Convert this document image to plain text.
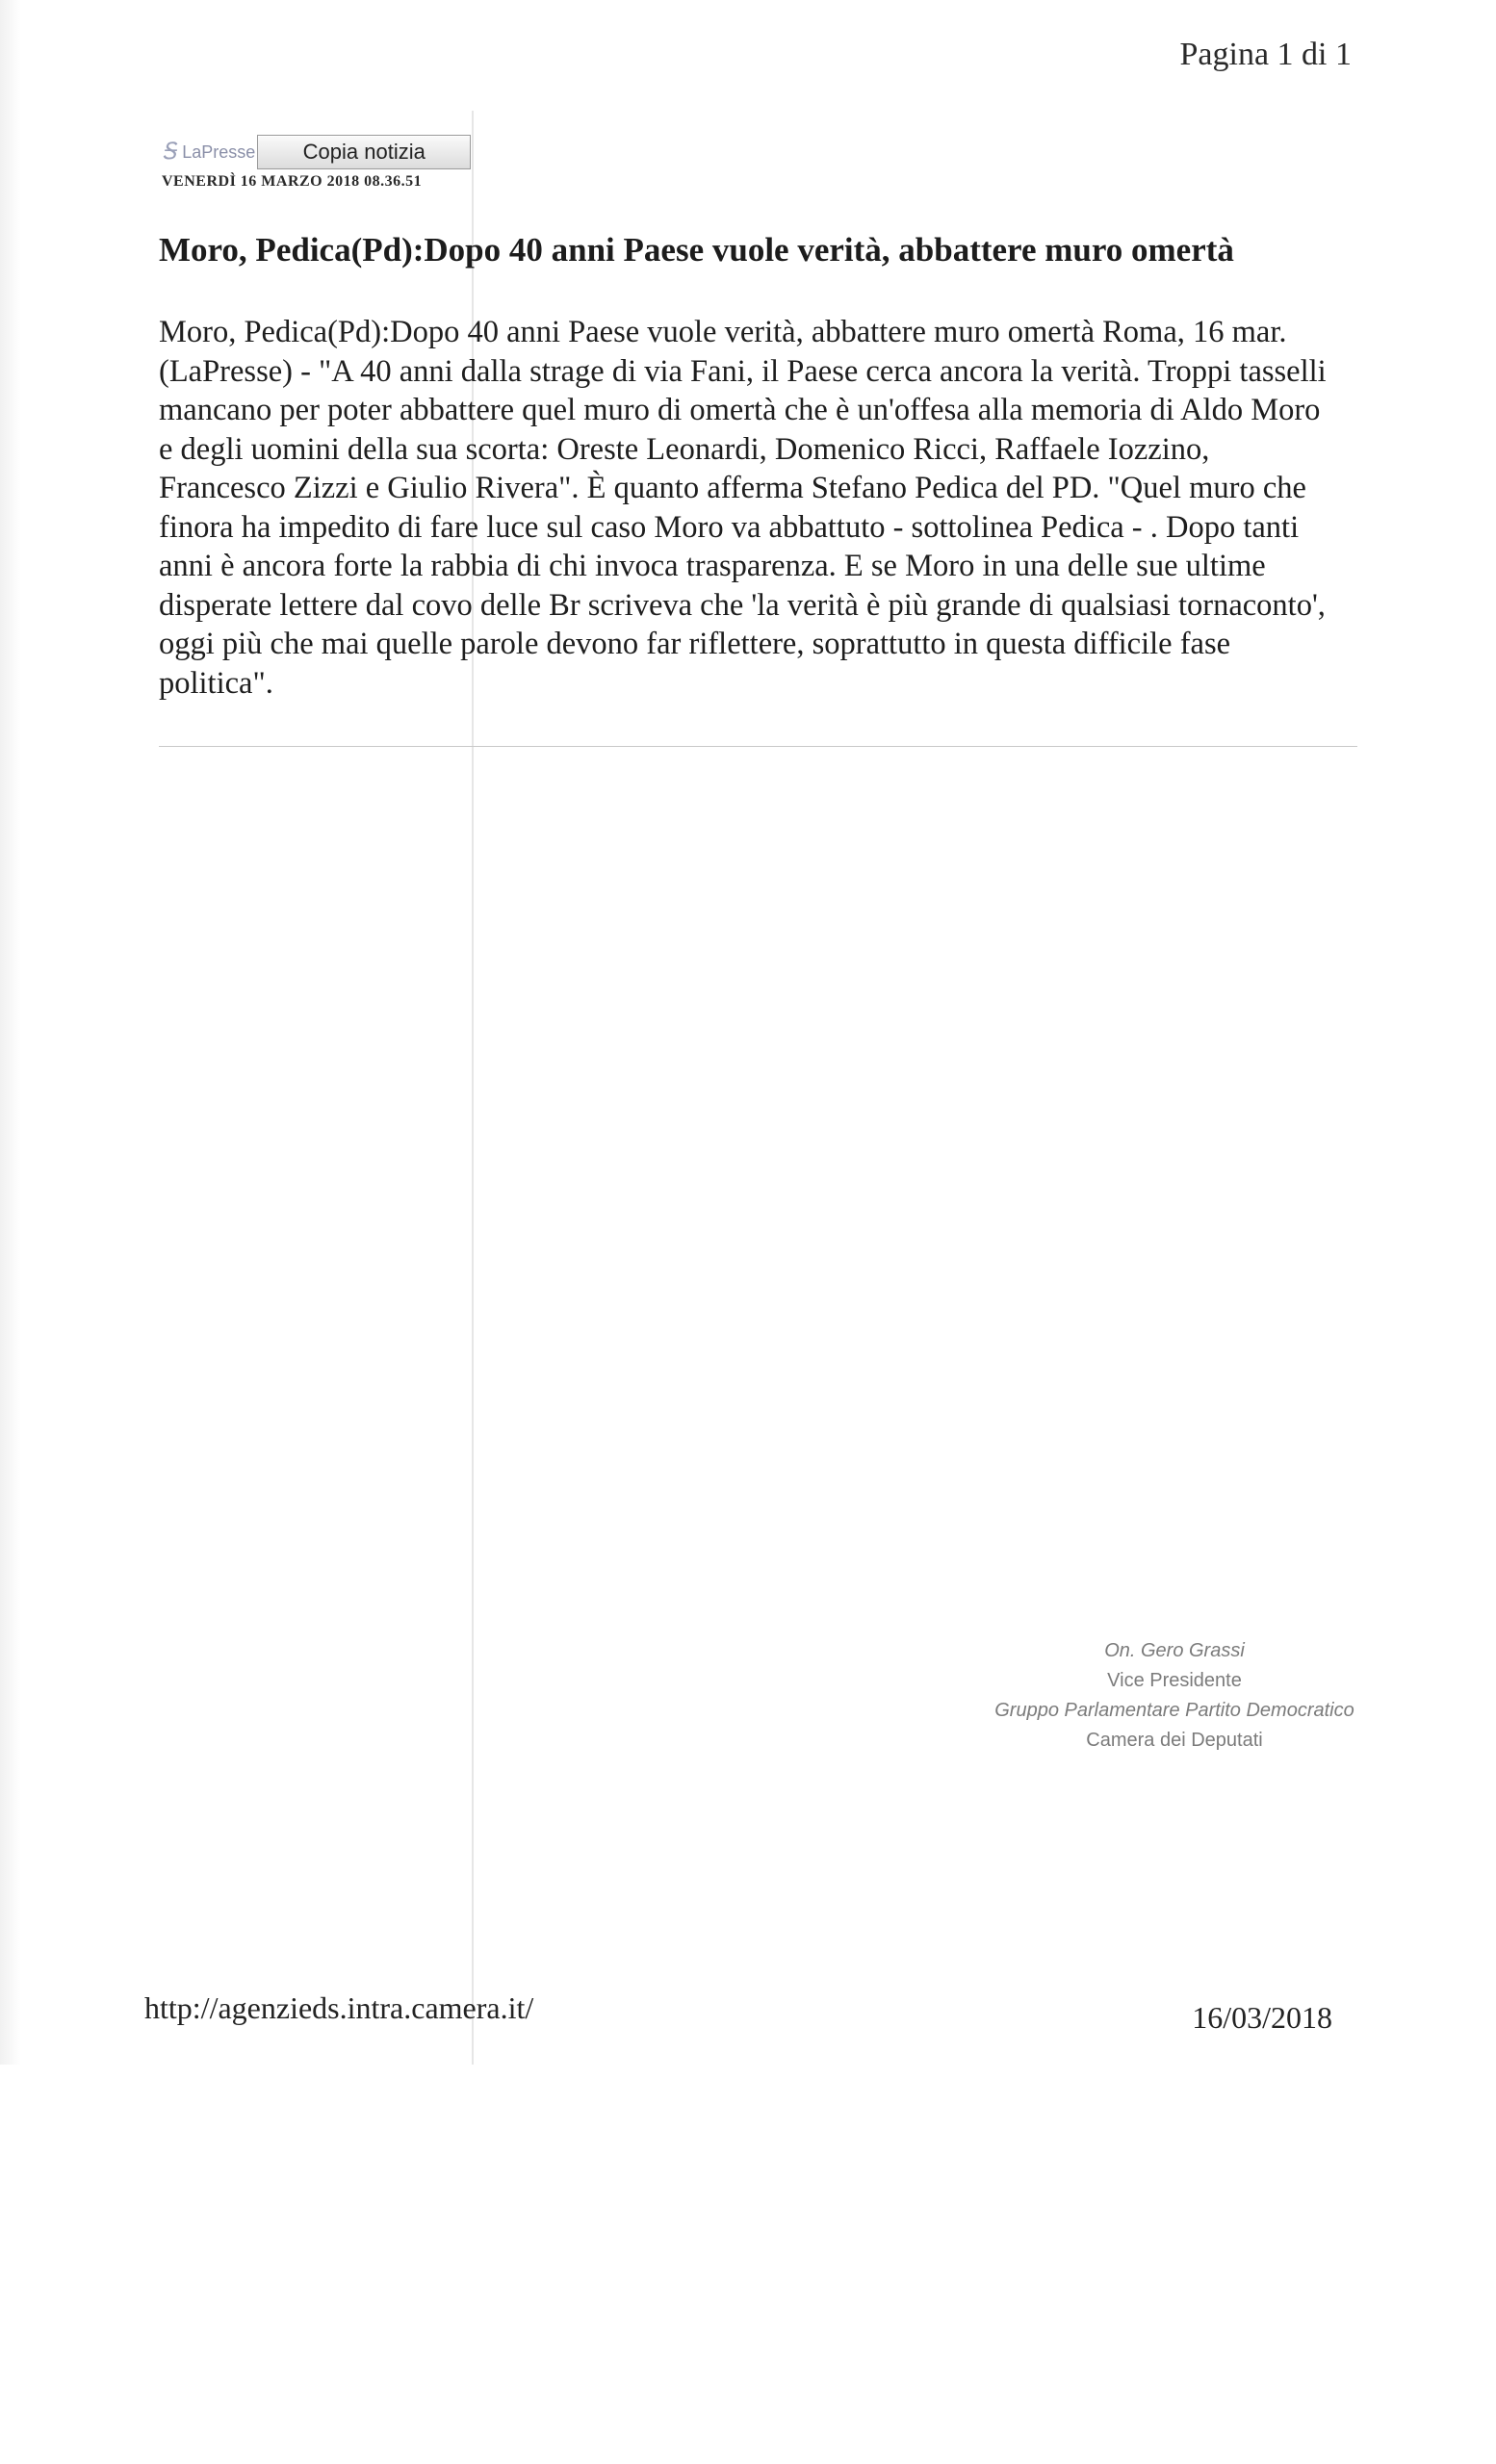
Pagina 1 di 1
Ꭶ LaPresse	Copia notizia
VENERDÌ 16 MARZO 2018 08.36.51
Moro, Pedica(Pd):Dopo 40 anni Paese vuole verità, abbattere muro omertà
Moro, Pedica(Pd):Dopo 40 anni Paese vuole verità, abbattere muro omertà Roma, 16 mar. (LaPresse) - "A 40 anni dalla strage di via Fani, il Paese cerca ancora la verità. Troppi tasselli mancano per poter abbattere quel muro di omertà che è un'offesa alla memoria di Aldo Moro e degli uomini della sua scorta: Oreste Leonardi, Domenico Ricci, Raffaele Iozzino, Francesco Zizzi e Giulio Rivera". È quanto afferma Stefano Pedica del PD. "Quel muro che finora ha impedito di fare luce sul caso Moro va abbattuto - sottolinea Pedica - . Dopo tanti anni è ancora forte la rabbia di chi invoca trasparenza. E se Moro in una delle sue ultime disperate lettere dal covo delle Br scriveva che 'la verità è più grande di qualsiasi tornaconto', oggi più che mai quelle parole devono far riflettere, soprattutto in questa difficile fase politica".
On. Gero Grassi
Vice Presidente
Gruppo Parlamentare Partito Democratico
Camera dei Deputati
http://agenzieds.intra.camera.it/	16/03/2018
